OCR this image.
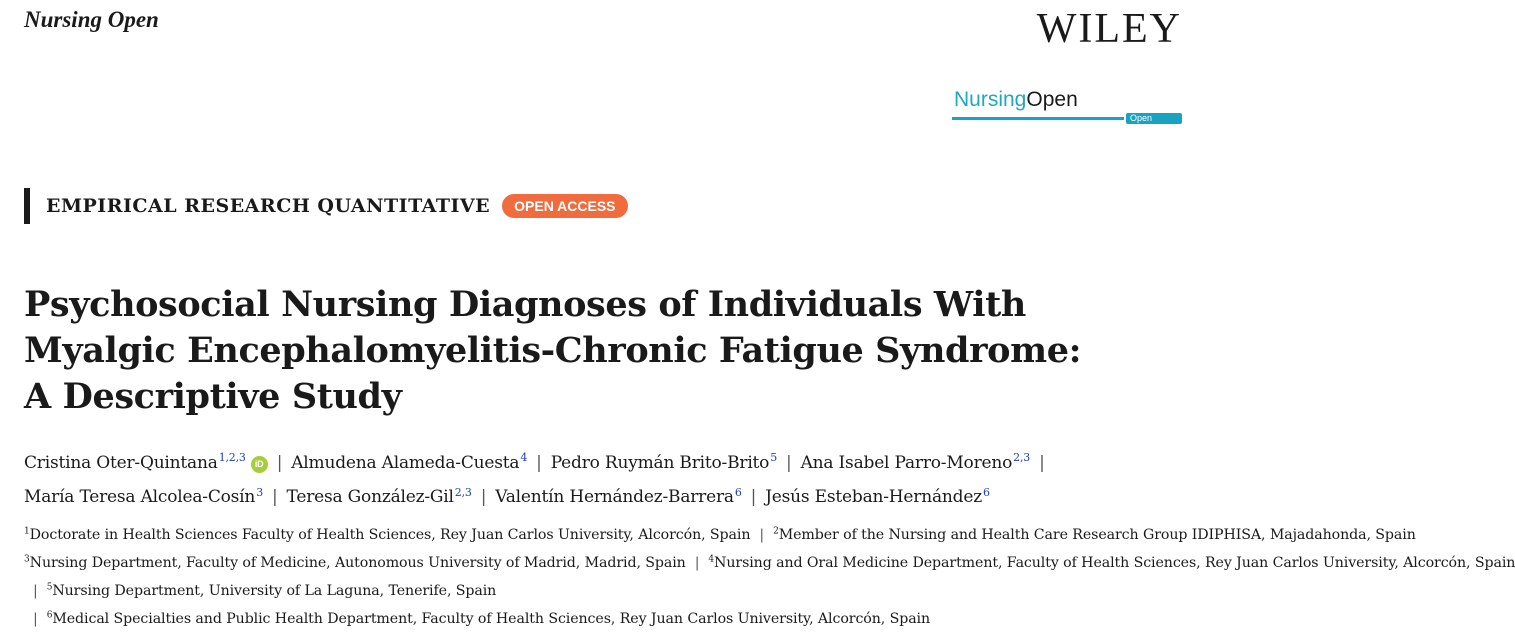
Nursing Open	WILEY
NursingOpen
Open Access
EMPIRICAL RESEARCH QUANTITATIVE	OPEN ACCESS
Psychosocial Nursing Diagnoses of Individuals With
Myalgic Encephalomyelitis-Chronic Fatigue Syndrome:
A Descriptive Study
Cristina Oter-Quintana$^{1,2,3}$ iD | Almudena Alameda-Cuesta$^4$ | Pedro Ruymán Brito-Brito$^5$ | Ana Isabel Parro-Moreno$^{2,3}$ |
María Teresa Alcolea-Cosín$^3$ | Teresa González-Gil$^{2,3}$ | Valentín Hernández-Barrera$^6$ | Jesús Esteban-Hernández$^6$
$^1$Doctorate in Health Sciences Faculty of Health Sciences, Rey Juan Carlos University, Alcorcón, Spain | $^2$Member of the Nursing and Health Care Research Group IDIPHISA, Majadahonda, Spain
$^3$Nursing Department, Faculty of Medicine, Autonomous University of Madrid, Madrid, Spain | $^4$Nursing and Oral Medicine Department, Faculty of Health Sciences, Rey Juan Carlos University, Alcorcón, Spain
| $^5$Nursing Department, University of La Laguna, Tenerife, Spain
| $^6$Medical Specialties and Public Health Department, Faculty of Health Sciences, Rey Juan Carlos University, Alcorcón, Spain
